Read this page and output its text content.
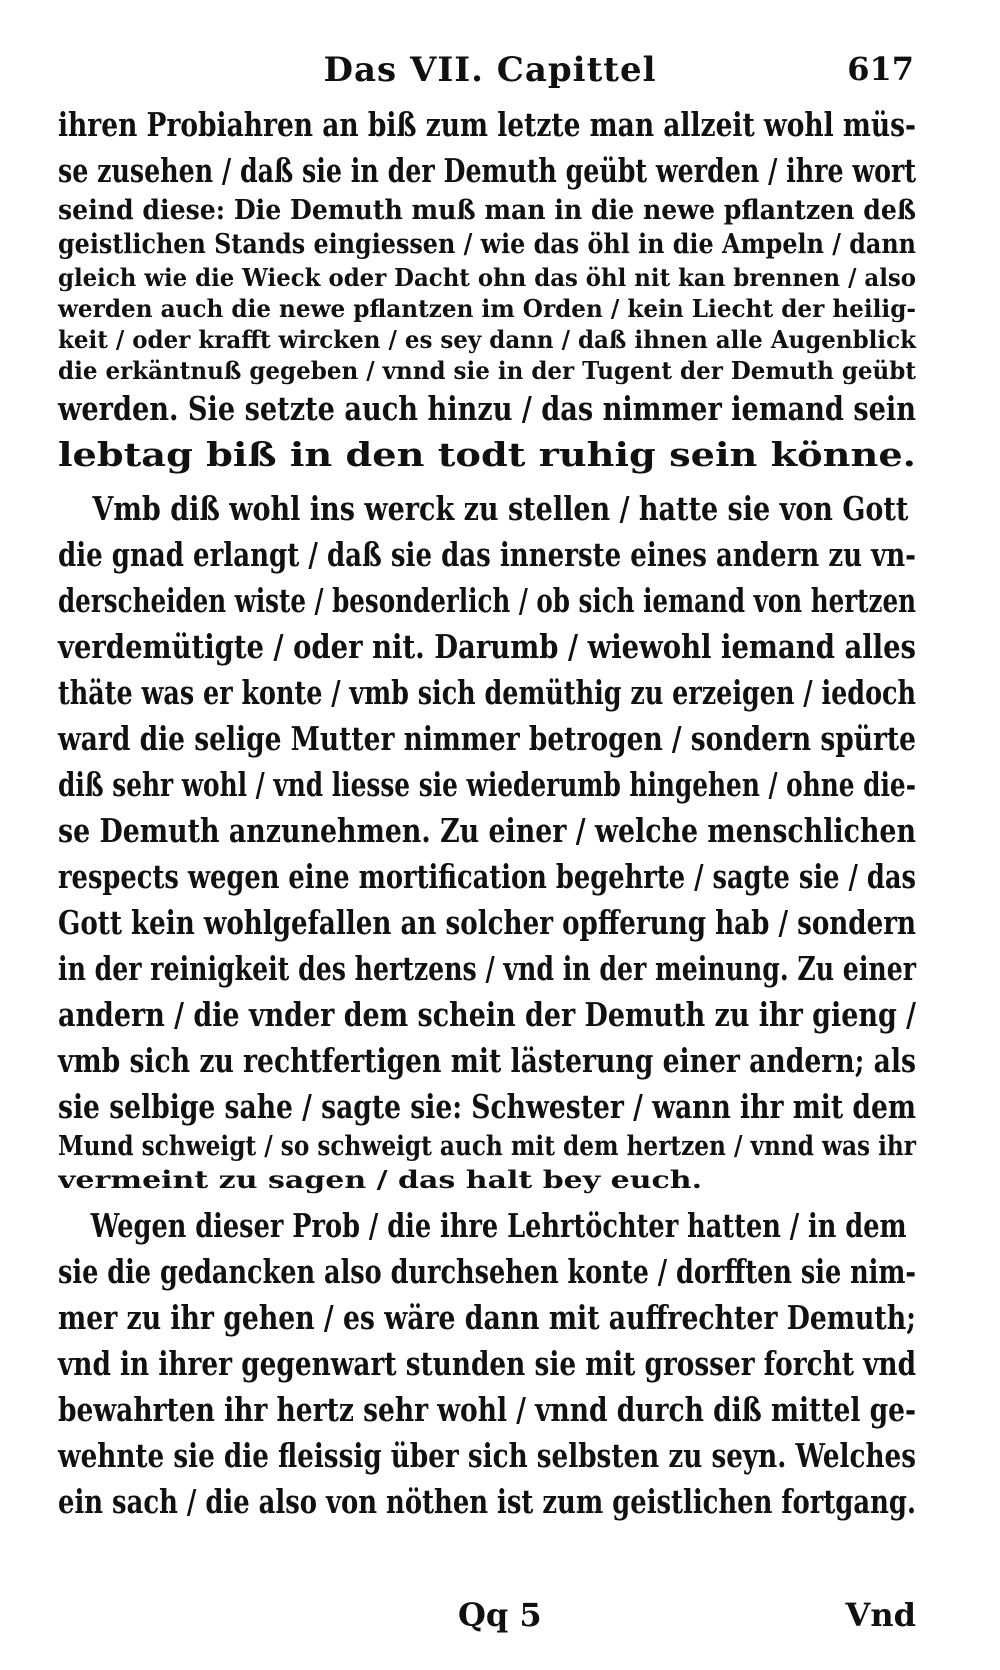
Das VII. Capittel	617
ihren Probiahren an biß zum letzte man allzeit wohl müs-
se zusehen / daß sie in der Demuth geübt werden / ihre wort
seind diese: Die Demuth muß man in die newe pflantzen deß
geistlichen Stands eingiessen / wie das öhl in die Ampeln / dann
gleich wie die Wieck oder Dacht ohn das öhl nit kan brennen / also
werden auch die newe pflantzen im Orden / kein Liecht der heilig-
keit / oder krafft wircken / es sey dann / daß ihnen alle Augenblick
die erkäntnuß gegeben / vnnd sie in der Tugent der Demuth geübt
werden. Sie setzte auch hinzu / das nimmer iemand sein
lebtag biß in den todt ruhig sein könne.
Vmb diß wohl ins werck zu stellen / hatte sie von Gott
die gnad erlangt / daß sie das innerste eines andern zu vn-
derscheiden wiste / besonderlich / ob sich iemand von hertzen
verdemütigte / oder nit. Darumb / wiewohl iemand alles
thäte was er konte / vmb sich demüthig zu erzeigen / iedoch
ward die selige Mutter nimmer betrogen / sondern spürte
diß sehr wohl / vnd liesse sie wiederumb hingehen / ohne die-
se Demuth anzunehmen. Zu einer / welche menschlichen
respects wegen eine mortification begehrte / sagte sie / das
Gott kein wohlgefallen an solcher opfferung hab / sondern
in der reinigkeit des hertzens / vnd in der meinung. Zu einer
andern / die vnder dem schein der Demuth zu ihr gieng /
vmb sich zu rechtfertigen mit lästerung einer andern; als
sie selbige sahe / sagte sie: Schwester / wann ihr mit dem
Mund schweigt / so schweigt auch mit dem hertzen / vnnd was ihr
vermeint zu sagen / das halt bey euch.
Wegen dieser Prob / die ihre Lehrtöchter hatten / in dem
sie die gedancken also durchsehen konte / dorfften sie nim-
mer zu ihr gehen / es wäre dann mit auffrechter Demuth;
vnd in ihrer gegenwart stunden sie mit grosser forcht vnd
bewahrten ihr hertz sehr wohl / vnnd durch diß mittel ge-
wehnte sie die fleissig über sich selbsten zu seyn. Welches
ein sach / die also von nöthen ist zum geistlichen fortgang.
Qq 5	Vnd
